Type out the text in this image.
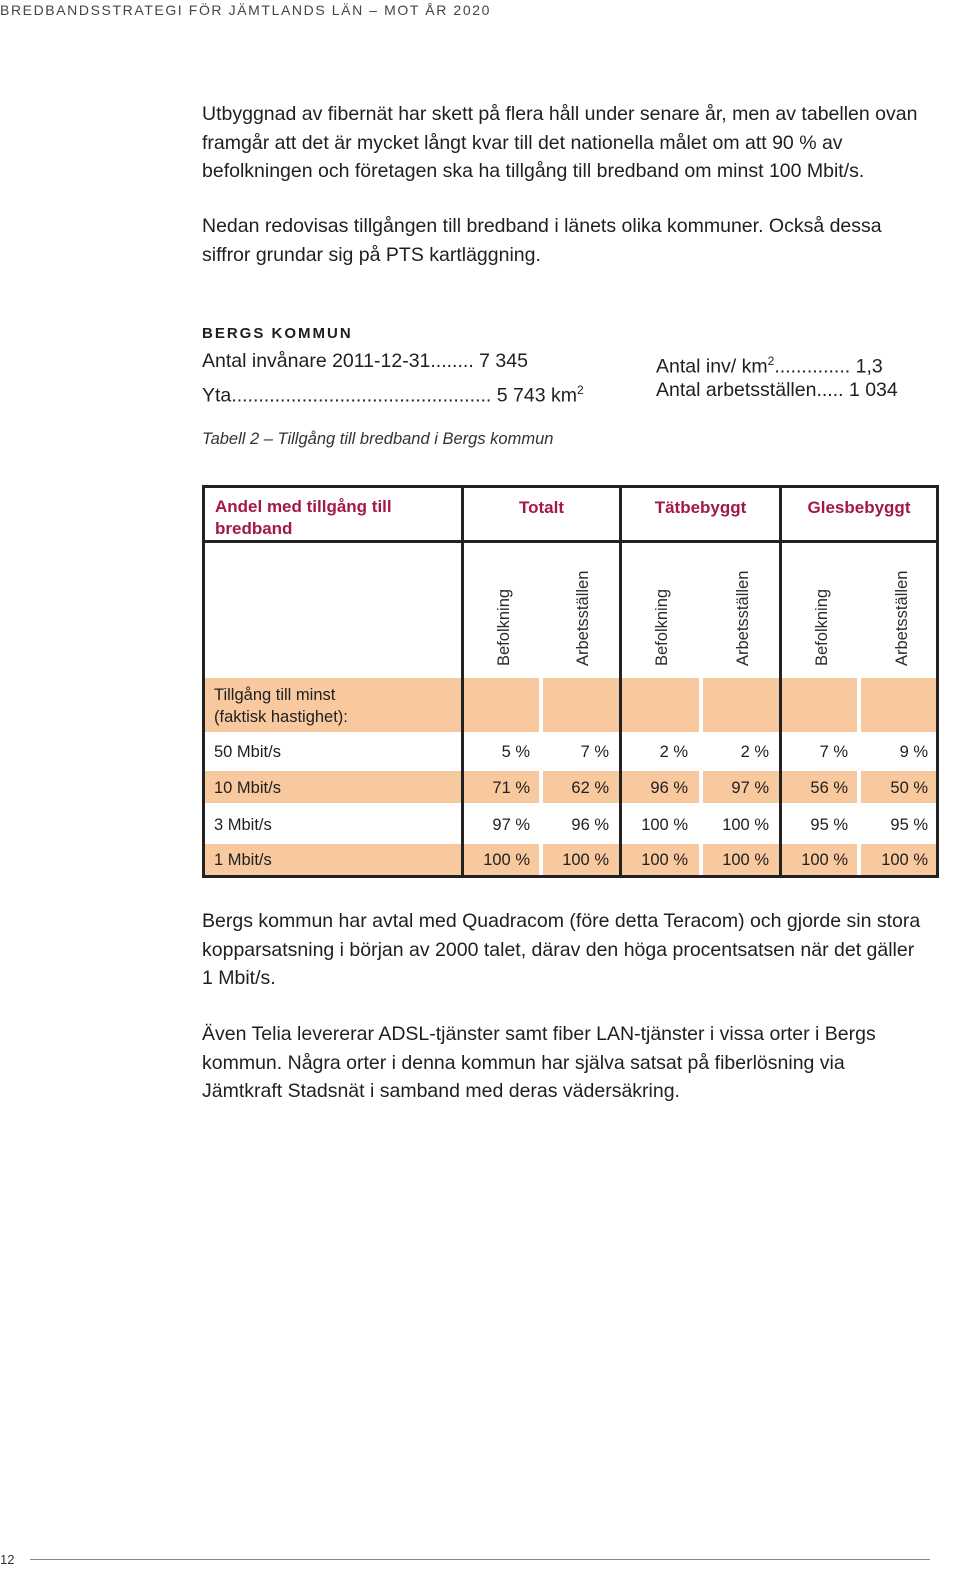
BREDBANDSSTRATEGI FÖR JÄMTLANDS LÄN – MOT ÅR 2020

Utbyggnad av fibernät har skett på flera håll under senare år, men av tabellen ovan framgår att det är mycket långt kvar till det nationella målet om att 90 % av befolkningen och företagen ska ha tillgång till bredband om minst 100 Mbit/s.

Nedan redovisas tillgången till bredband i länets olika kommuner. Också dessa siffror grundar sig på PTS kartläggning.

BERGS KOMMUN
Antal invånare 2011-12-31........ 7 345
Yta................................................ 5 743 $km^2$
Antal inv/ $km^2$.............. 1,3
Antal arbetsställen..... 1 034
Tabell 2 – Tillgång till bredband i Bergs kommun
Andel med tillgång till bredband
Totalt	Tätbebyggt	Glesbebyggt
Befolkning	Arbetsställen	Befolkning	Arbetsställen	Befolkning	Arbetsställen
Tillgång till minst (faktisk hastighet):
50 Mbit/s	5 %	7 %	2 %	2 %	7 %	9 %
10 Mbit/s	71 %	62 %	96 %	97 %	56 %	50 %
3 Mbit/s	97 %	96 %	100 %	100 %	95 %	95 %
1 Mbit/s	100 %	100 %	100 %	100 %	100 %	100 %

Bergs kommun har avtal med Quadracom (före detta Teracom) och gjorde sin stora kopparsatsning i början av 2000 talet, därav den höga procentsatsen när det gäller 1 Mbit/s.

Även Telia levererar ADSL-tjänster samt fiber LAN-tjänster i vissa orter i Bergs kommun. Några orter i denna kommun har själva satsat på fiberlösning via Jämtkraft Stadsnät i samband med deras vädersäkring.

12
